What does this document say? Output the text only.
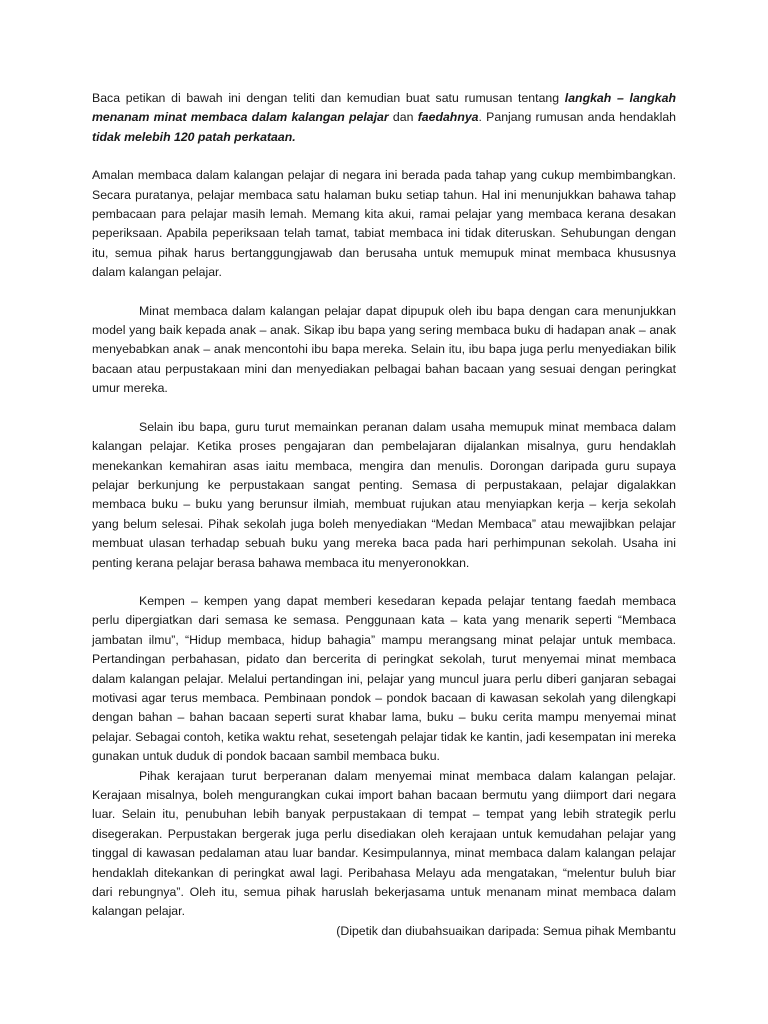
Baca petikan di bawah ini dengan teliti dan kemudian buat satu rumusan tentang langkah – langkah menanam minat membaca dalam kalangan pelajar dan faedahnya. Panjang rumusan anda hendaklah tidak melebih 120 patah perkataan.

Amalan membaca dalam kalangan pelajar di negara ini berada pada tahap yang cukup membimbangkan. Secara puratanya, pelajar membaca satu halaman buku setiap tahun. Hal ini menunjukkan bahawa tahap pembacaan para pelajar masih lemah. Memang kita akui, ramai pelajar yang membaca kerana desakan peperiksaan. Apabila peperiksaan telah tamat, tabiat membaca ini tidak diteruskan. Sehubungan dengan itu, semua pihak harus bertanggungjawab dan berusaha untuk memupuk minat membaca khususnya dalam kalangan pelajar.

Minat membaca dalam kalangan pelajar dapat dipupuk oleh ibu bapa dengan cara menunjukkan model yang baik kepada anak – anak. Sikap ibu bapa yang sering membaca buku di hadapan anak – anak menyebabkan anak – anak mencontohi ibu bapa mereka. Selain itu, ibu bapa juga perlu menyediakan bilik bacaan atau perpustakaan mini dan menyediakan pelbagai bahan bacaan yang sesuai dengan peringkat umur mereka.

Selain ibu bapa, guru turut memainkan peranan dalam usaha memupuk minat membaca dalam kalangan pelajar. Ketika proses pengajaran dan pembelajaran dijalankan misalnya, guru hendaklah menekankan kemahiran asas iaitu membaca, mengira dan menulis. Dorongan daripada guru supaya pelajar berkunjung ke perpustakaan sangat penting. Semasa di perpustakaan, pelajar digalakkan membaca buku – buku yang berunsur ilmiah, membuat rujukan atau menyiapkan kerja – kerja sekolah yang belum selesai. Pihak sekolah juga boleh menyediakan “Medan Membaca” atau mewajibkan pelajar membuat ulasan terhadap sebuah buku yang mereka baca pada hari perhimpunan sekolah. Usaha ini penting kerana pelajar berasa bahawa membaca itu menyeronokkan.

Kempen – kempen yang dapat memberi kesedaran kepada pelajar tentang faedah membaca perlu dipergiatkan dari semasa ke semasa. Penggunaan kata – kata yang menarik seperti “Membaca jambatan ilmu”, “Hidup membaca, hidup bahagia” mampu merangsang minat pelajar untuk membaca. Pertandingan perbahasan, pidato dan bercerita di peringkat sekolah, turut menyemai minat membaca dalam kalangan pelajar. Melalui pertandingan ini, pelajar yang muncul juara perlu diberi ganjaran sebagai motivasi agar terus membaca. Pembinaan pondok – pondok bacaan di kawasan sekolah yang dilengkapi dengan bahan – bahan bacaan seperti surat khabar lama, buku – buku cerita mampu menyemai minat pelajar. Sebagai contoh, ketika waktu rehat, sesetengah pelajar tidak ke kantin, jadi kesempatan ini mereka gunakan untuk duduk di pondok bacaan sambil membaca buku.

Pihak kerajaan turut berperanan dalam menyemai minat membaca dalam kalangan pelajar. Kerajaan misalnya, boleh mengurangkan cukai import bahan bacaan bermutu yang diimport dari negara luar. Selain itu, penubuhan lebih banyak perpustakaan di tempat – tempat yang lebih strategik perlu disegerakan. Perpustakan bergerak juga perlu disediakan oleh kerajaan untuk kemudahan pelajar yang tinggal di kawasan pedalaman atau luar bandar. Kesimpulannya, minat membaca dalam kalangan pelajar hendaklah ditekankan di peringkat awal lagi. Peribahasa Melayu ada mengatakan, “melentur buluh biar dari rebungnya”. Oleh itu, semua pihak haruslah bekerjasama untuk menanam minat membaca dalam kalangan pelajar.

(Dipetik dan diubahsuaikan daripada: Semua pihak Membantu
